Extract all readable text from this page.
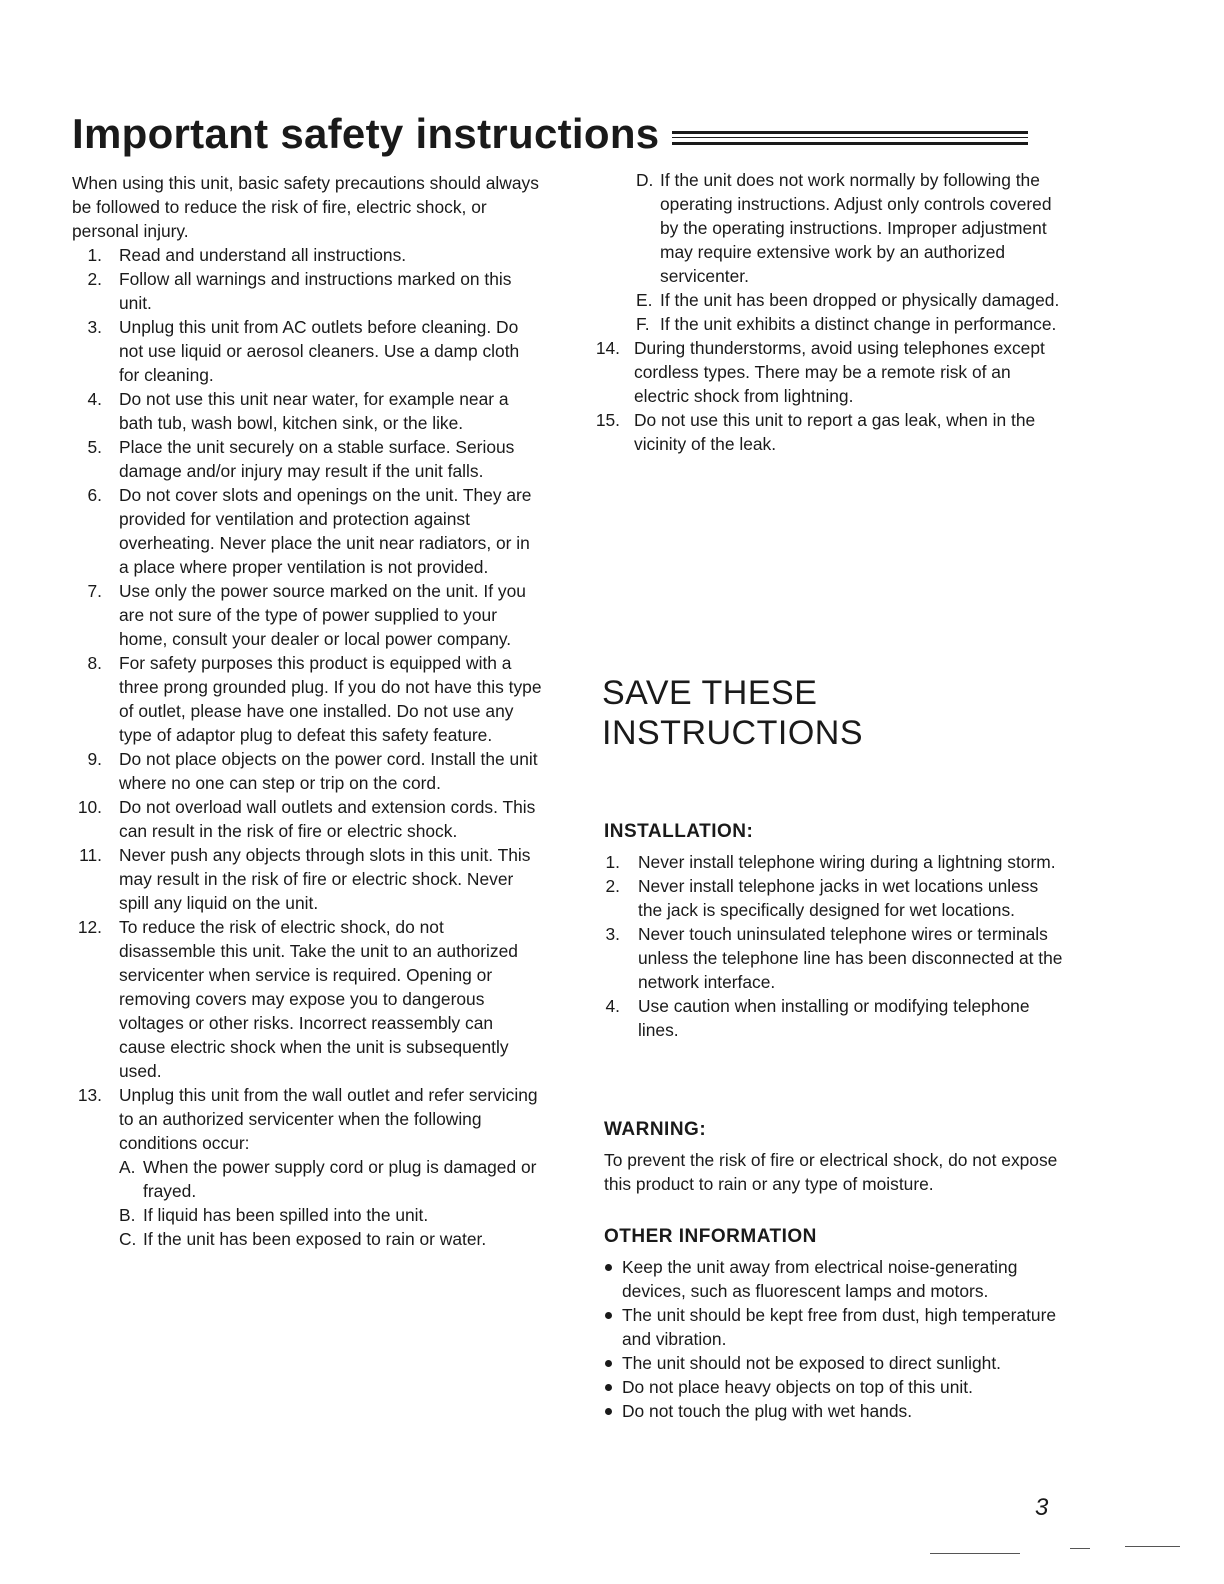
Important safety instructions

When using this unit, basic safety precautions should always be followed to reduce the risk of fire, electric shock, or personal injury.

1. Read and understand all instructions.
2. Follow all warnings and instructions marked on this unit.
3. Unplug this unit from AC outlets before cleaning. Do not use liquid or aerosol cleaners. Use a damp cloth for cleaning.
4. Do not use this unit near water, for example near a bath tub, wash bowl, kitchen sink, or the like.
5. Place the unit securely on a stable surface. Serious damage and/or injury may result if the unit falls.
6. Do not cover slots and openings on the unit. They are provided for ventilation and protection against overheating. Never place the unit near radiators, or in a place where proper ventilation is not provided.
7. Use only the power source marked on the unit. If you are not sure of the type of power supplied to your home, consult your dealer or local power company.
8. For safety purposes this product is equipped with a three prong grounded plug. If you do not have this type of outlet, please have one installed. Do not use any type of adaptor plug to defeat this safety feature.
9. Do not place objects on the power cord. Install the unit where no one can step or trip on the cord.
10. Do not overload wall outlets and extension cords. This can result in the risk of fire or electric shock.
11. Never push any objects through slots in this unit. This may result in the risk of fire or electric shock. Never spill any liquid on the unit.
12. To reduce the risk of electric shock, do not disassemble this unit. Take the unit to an authorized servicenter when service is required. Opening or removing covers may expose you to dangerous voltages or other risks. Incorrect reassembly can cause electric shock when the unit is subsequently used.
13. Unplug this unit from the wall outlet and refer servicing to an authorized servicenter when the following conditions occur:
A. When the power supply cord or plug is damaged or frayed.
B. If liquid has been spilled into the unit.
C. If the unit has been exposed to rain or water.
D. If the unit does not work normally by following the operating instructions. Adjust only controls covered by the operating instructions. Improper adjustment may require extensive work by an authorized servicenter.
E. If the unit has been dropped or physically damaged.
F. If the unit exhibits a distinct change in performance.
14. During thunderstorms, avoid using telephones except cordless types. There may be a remote risk of an electric shock from lightning.
15. Do not use this unit to report a gas leak, when in the vicinity of the leak.
SAVE THESE
INSTRUCTIONS
INSTALLATION:
1. Never install telephone wiring during a lightning storm.
2. Never install telephone jacks in wet locations unless the jack is specifically designed for wet locations.
3. Never touch uninsulated telephone wires or terminals unless the telephone line has been disconnected at the network interface.
4. Use caution when installing or modifying telephone lines.
WARNING:

To prevent the risk of fire or electrical shock, do not expose this product to rain or any type of moisture.

OTHER INFORMATION
Keep the unit away from electrical noise-generating devices, such as fluorescent lamps and motors.
The unit should be kept free from dust, high temperature and vibration.
The unit should not be exposed to direct sunlight.
Do not place heavy objects on top of this unit.
Do not touch the plug with wet hands.
3
